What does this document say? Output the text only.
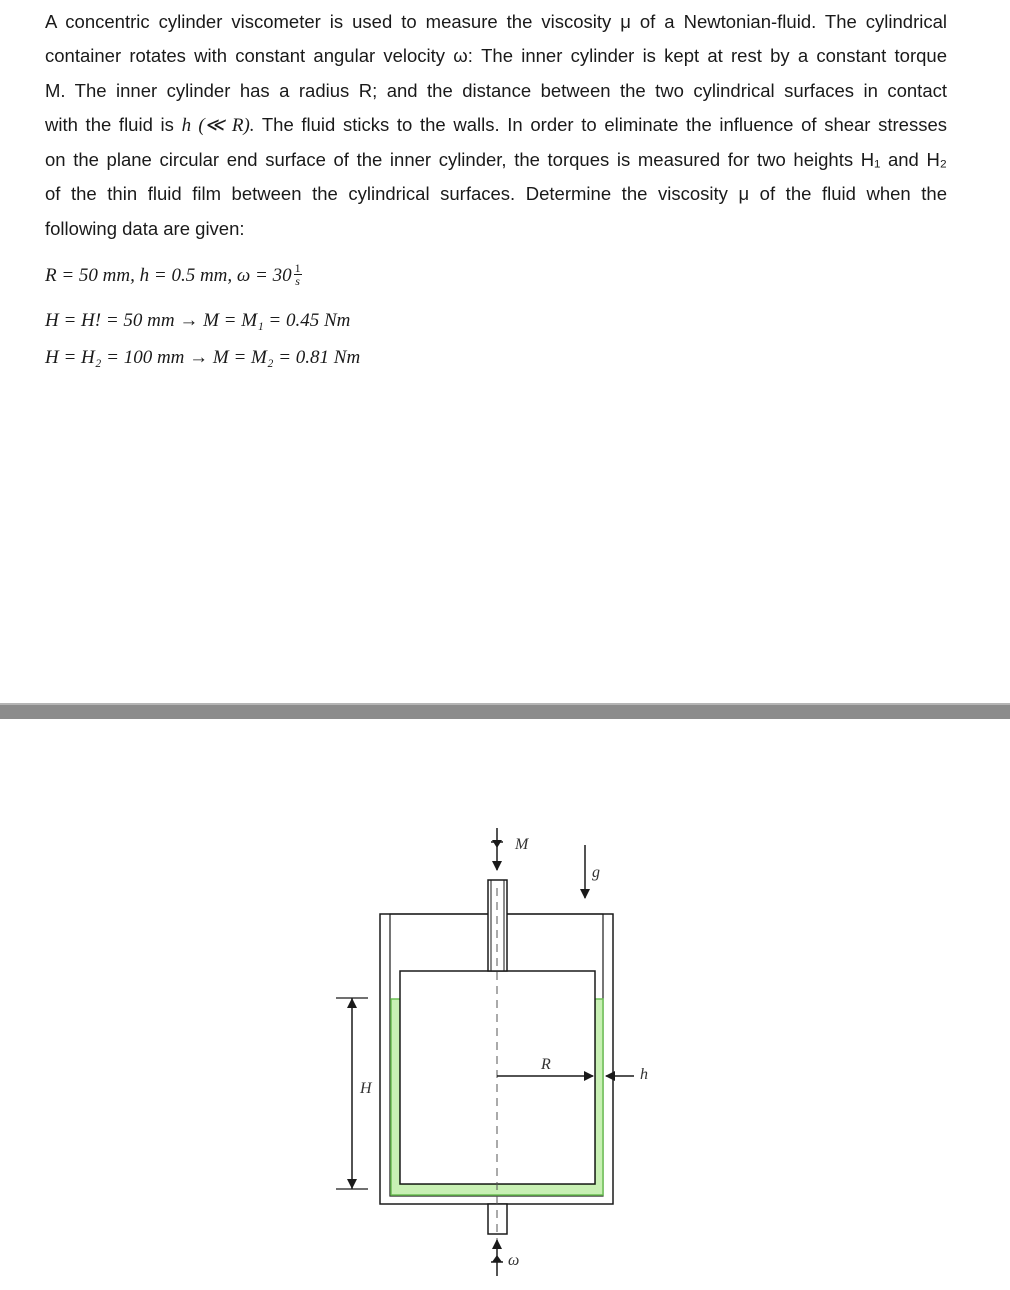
A concentric cylinder viscometer is used to measure the viscosity μ of a Newtonian-fluid. The cylindrical
container rotates with constant angular velocity ω: The inner cylinder is kept at rest by a constant torque
M. The inner cylinder has a radius R; and the distance between the two cylindrical surfaces in contact
with the fluid is h (≪ R). The fluid sticks to the walls. In order to eliminate the influence of shear stresses
on the plane circular end surface of the inner cylinder, the torques is measured for two heights H₁ and H₂
of the thin fluid film between the cylindrical surfaces. Determine the viscosity μ of the fluid when the
following data are given:
R = 50 mm, h = 0.5 mm, $\omega = 30 \frac{1}{s}$
H = H! = 50 mm → M = M₁ = 0.45 Nm
H = H₂ = 100 mm → M = M₂ = 0.81 Nm
M
g
R
h
H
ω
